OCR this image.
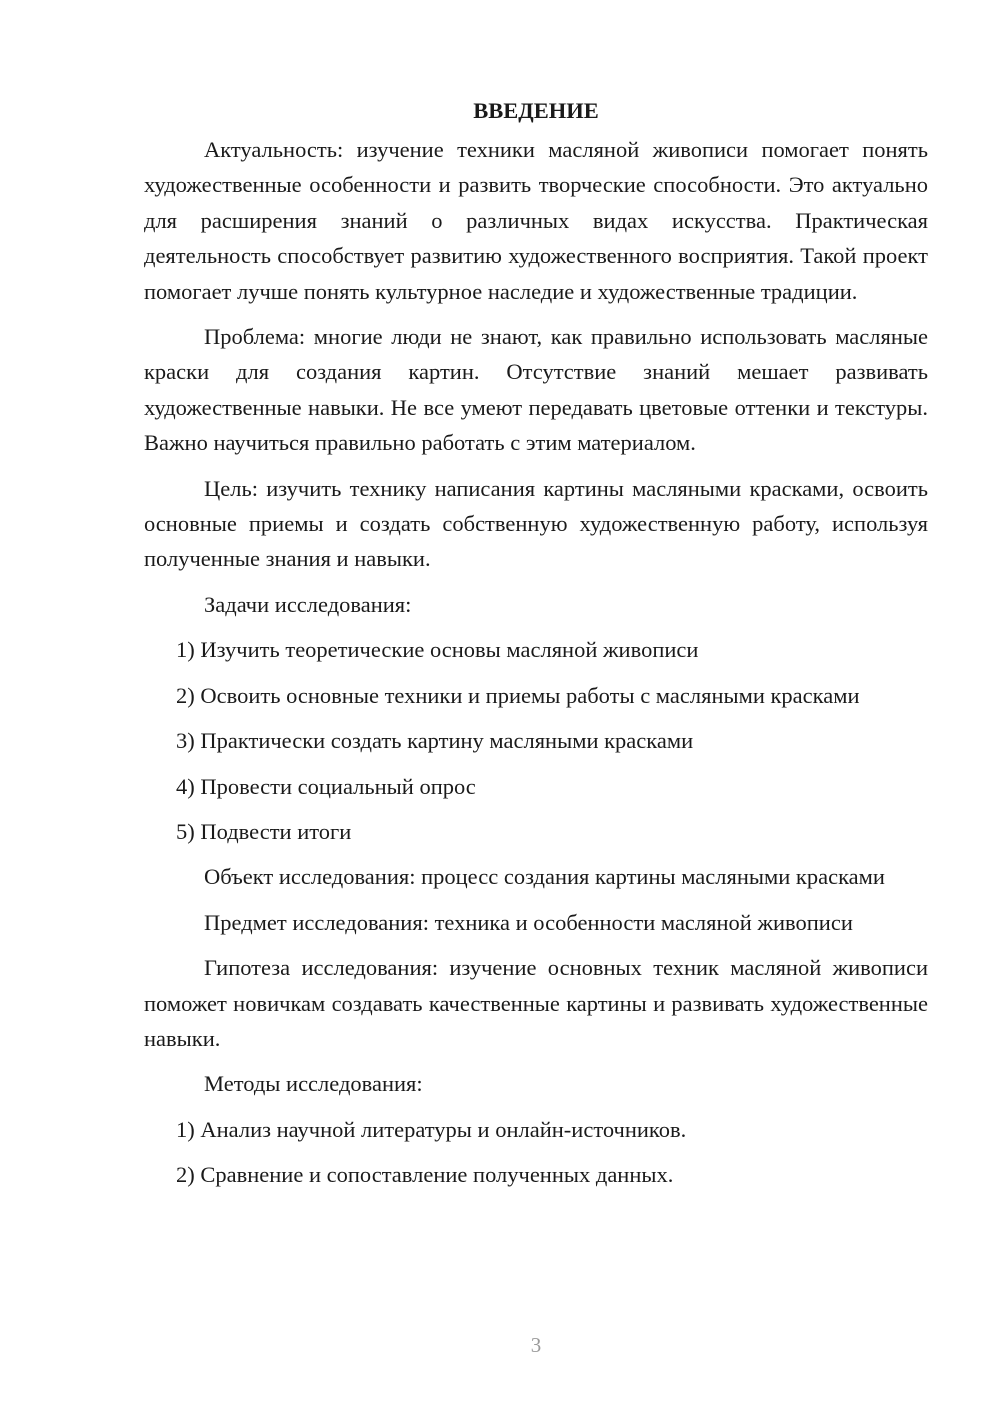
ВВЕДЕНИЕ

Актуальность: изучение техники масляной живописи помогает понять художественные особенности и развить творческие способности. Это актуально для расширения знаний о различных видах искусства. Практическая деятельность способствует развитию художественного восприятия. Такой проект помогает лучше понять культурное наследие и художественные традиции.

Проблема: многие люди не знают, как правильно использовать масляные краски для создания картин. Отсутствие знаний мешает развивать художественные навыки. Не все умеют передавать цветовые оттенки и текстуры. Важно научиться правильно работать с этим материалом.

Цель: изучить технику написания картины масляными красками, освоить основные приемы и создать собственную художественную работу, используя полученные знания и навыки.

Задачи исследования:

1) Изучить теоретические основы масляной живописи
2) Освоить основные техники и приемы работы с масляными красками
3) Практически создать картину масляными красками
4) Провести социальный опрос
5) Подвести итоги

Объект исследования: процесс создания картины масляными красками

Предмет исследования: техника и особенности масляной живописи

Гипотеза исследования: изучение основных техник масляной живописи поможет новичкам создавать качественные картины и развивать художественные навыки.

Методы исследования:

1) Анализ научной литературы и онлайн-источников.
2) Сравнение и сопоставление полученных данных.
3
